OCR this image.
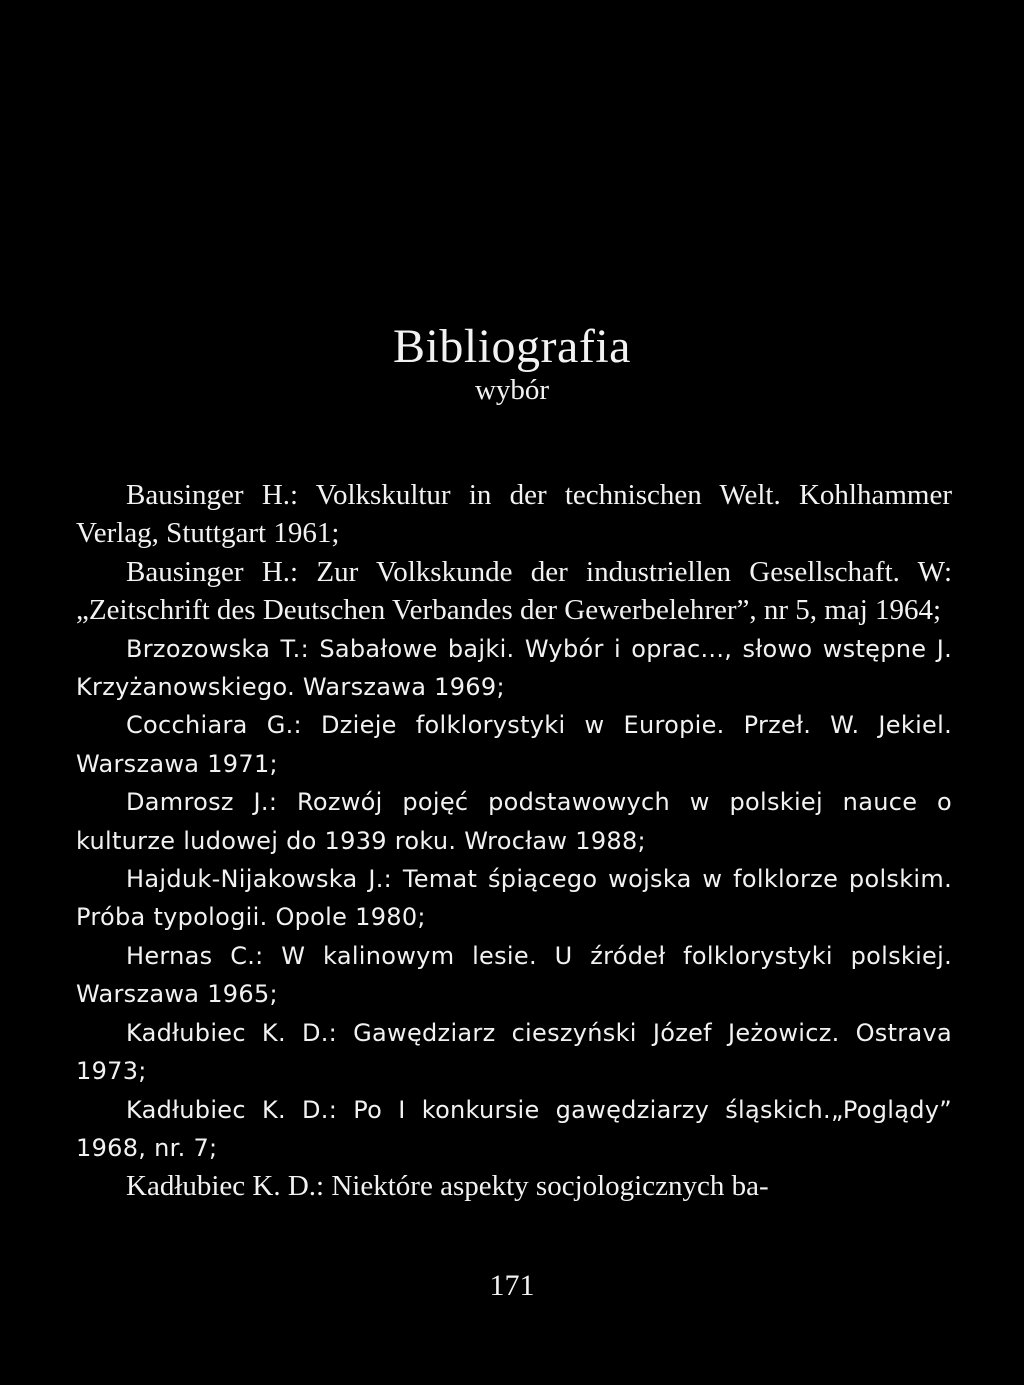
Bibliografia
wybór
Bausinger H.: Volkskultur in der technischen Welt. Kohlhammer Verlag, Stuttgart 1961;
Bausinger H.: Zur Volkskunde der industriellen Gesellschaft. W: „Zeitschrift des Deutschen Verbandes der Gewerbelehrer”, nr 5, maj 1964;
Brzozowska T.: Sabałowe bajki. Wybór i oprac..., słowo wstępne J. Krzyżanowskiego. Warszawa 1969;
Cocchiara G.: Dzieje folklorystyki w Europie. Przeł. W. Jekiel. Warszawa 1971;
Damrosz J.: Rozwój pojęć podstawowych w polskiej nauce o kulturze ludowej do 1939 roku. Wrocław 1988;
Hajduk-Nijakowska J.: Temat śpiącego wojska w folklorze polskim. Próba typologii. Opole 1980;
Hernas C.: W kalinowym lesie. U źródeł folklorystyki polskiej. Warszawa 1965;
Kadłubiec K. D.: Gawędziarz cieszyński Józef Jeżowicz. Ostrava 1973;
Kadłubiec K. D.: Po I konkursie gawędziarzy śląskich.„Poglądy” 1968, nr. 7;
Kadłubiec K. D.: Niektóre aspekty socjologicznych ba-
171
